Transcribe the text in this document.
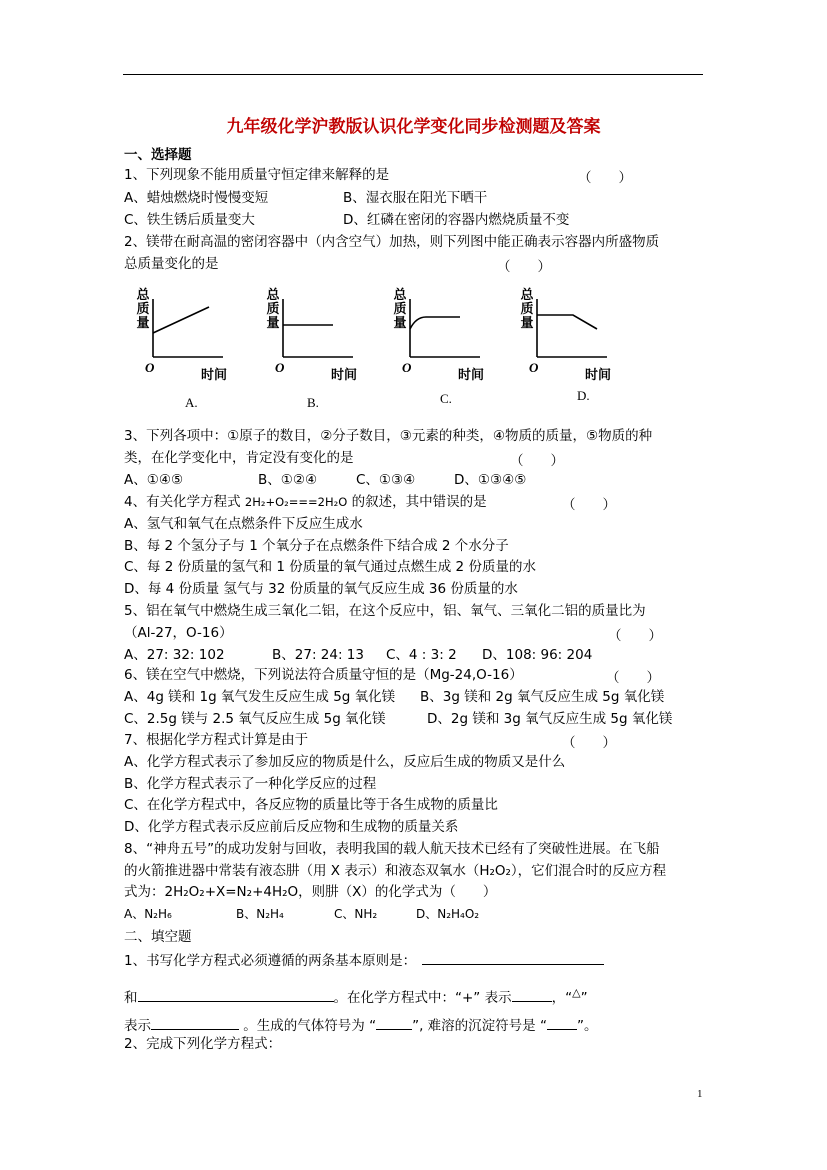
九年级化学沪教版认识化学变化同步检测题及答案
一、选择题
1、下列现象不能用质量守恒定律来解释的是	（　　）
A、蜡烛燃烧时慢慢变短	B、湿衣服在阳光下晒干
C、铁生锈后质量变大	D、红磷在密闭的容器内燃烧质量不变
2、镁带在耐高温的密闭容器中（内含空气）加热，则下列图中能正确表示容器内所盛物质
总质量变化的是	（　　）
总
质
量
O
时间
A.
总
质
量
O
时间
B.
总
质
量
O
时间
C.
总
质
量
O
时间
D.
3、下列各项中：①原子的数目，②分子数目，③元素的种类，④物质的质量，⑤物质的种
类，在化学变化中，肯定没有变化的是	（　　）
A、①④⑤	B、①②④	C、①③④	D、①③④⑤
4、有关化学方程式 2H₂+O₂===2H₂O 的叙述，其中错误的是	（　　）
A、氢气和氧气在点燃条件下反应生成水
B、每 2 个氢分子与 1 个氧分子在点燃条件下结合成 2 个水分子
C、每 2 份质量的氢气和 1 份质量的氧气通过点燃生成 2 份质量的水
D、每 4 份质量 氢气与 32 份质量的氧气反应生成 36 份质量的水
5、铝在氧气中燃烧生成三氧化二铝，在这个反应中，铝、氧气、三氧化二铝的质量比为
（Al-27，O-16）	（　　）
A、27: 32: 102	B、27: 24: 13 C、4 : 3: 2 D、108: 96: 204
6、镁在空气中燃烧，下列说法符合质量守恒的是（Mg-24,O-16）	（　　）
A、4g 镁和 1g 氧气发生反应生成 5g 氧化镁 B、3g 镁和 2g 氧气反应生成 5g 氧化镁
C、2.5g 镁与 2.5 氧气反应生成 5g 氧化镁	D、2g 镁和 3g 氧气反应生成 5g 氧化镁
7、根据化学方程式计算是由于	（　　）
A、化学方程式表示了参加反应的物质是什么，反应后生成的物质又是什么
B、化学方程式表示了一种化学反应的过程
C、在化学方程式中，各反应物的质量比等于各生成物的质量比
D、化学方程式表示反应前后反应物和生成物的质量关系
8、“神舟五号”的成功发射与回收，表明我国的载人航天技术已经有了突破性进展。在飞船
的火箭推进器中常装有液态肼（用 X 表示）和液态双氧水（H₂O₂），它们混合时的反应方程
式为：2H₂O₂+X=N₂+4H₂O，则肼（X）的化学式为（　　）
A、N₂H₆	B、N₂H₄	C、NH₂	D、N₂H₄O₂
二、填空题
1、书写化学方程式必须遵循的两条基本原则是：
和	。在化学方程式中：“+” 表示	，“△”
表示	。生成的气体符号为 “	”, 难溶的沉淀符号是 “ ”。
2、完成下列化学方程式：
1
